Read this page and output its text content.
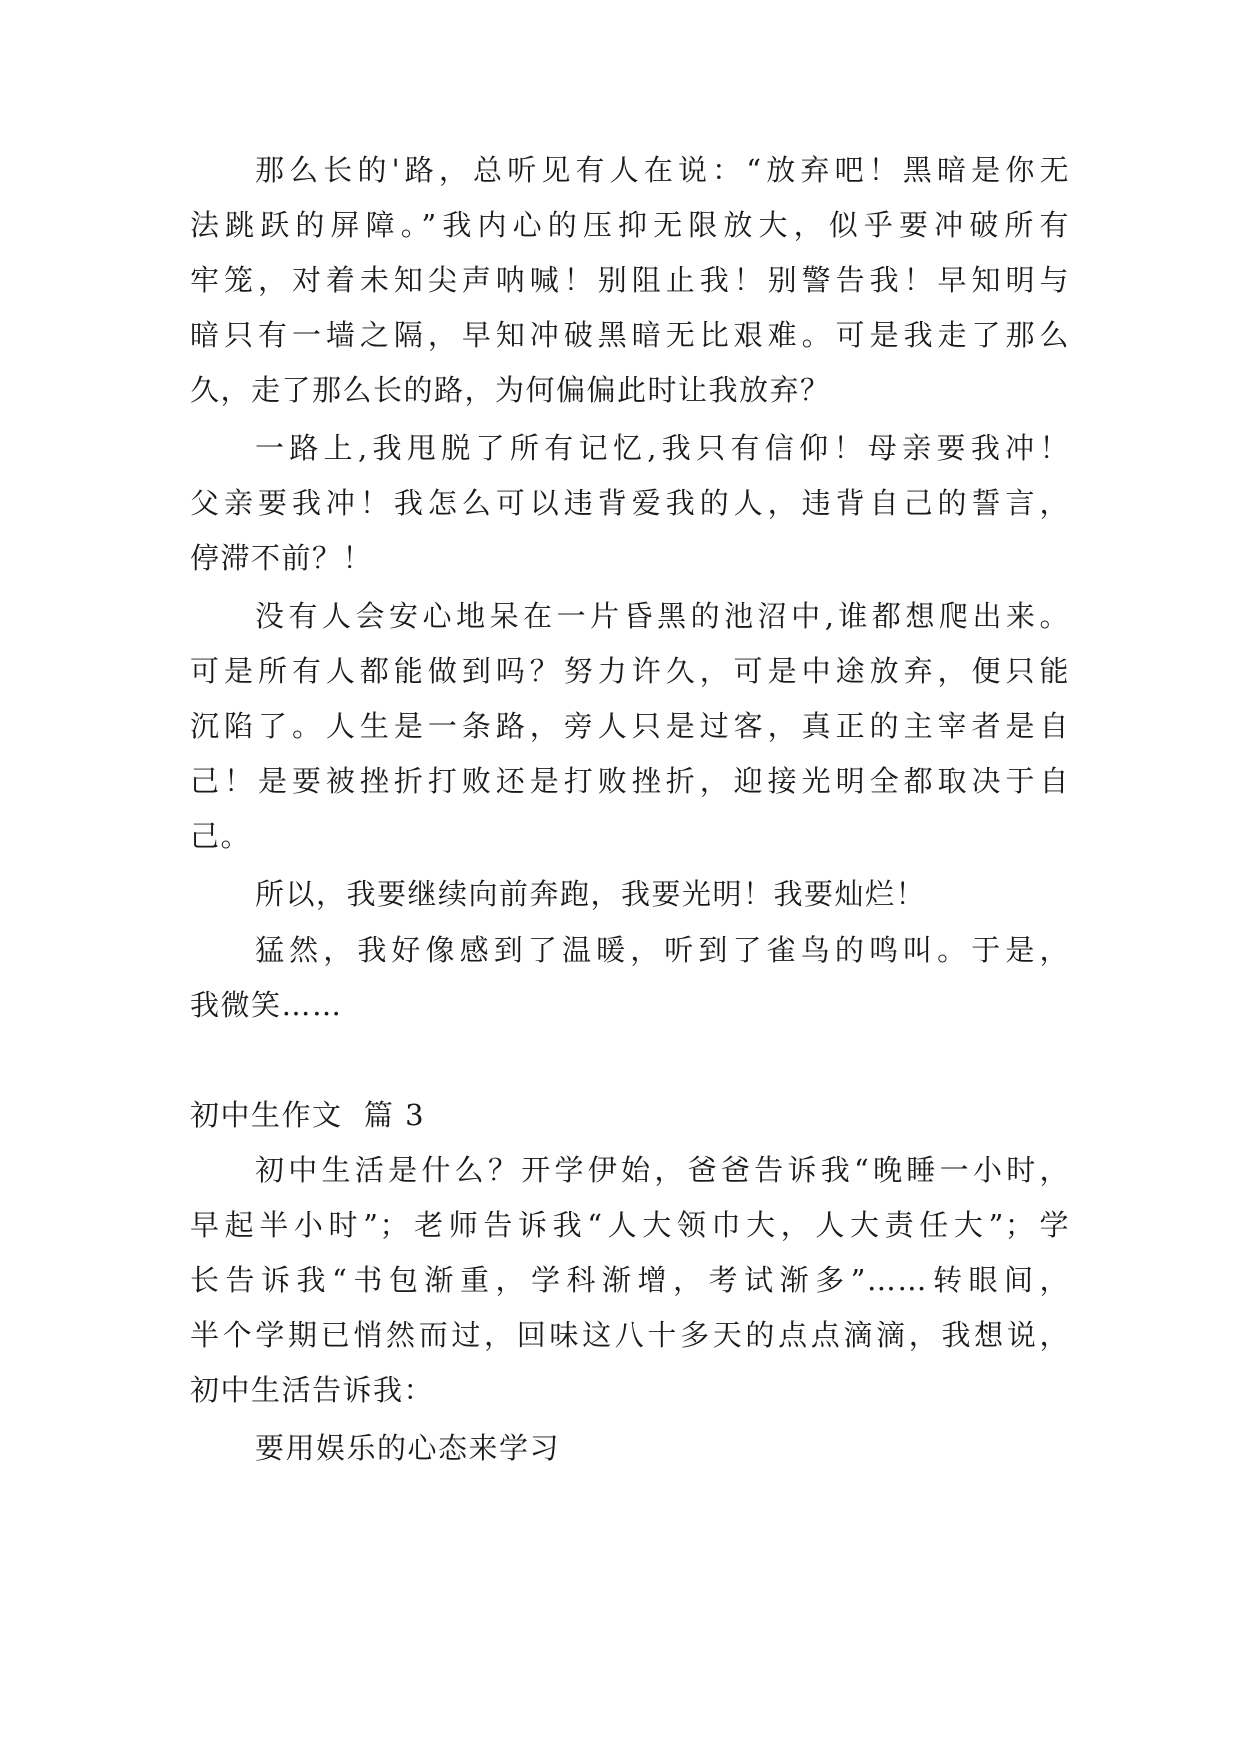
那么长的'路，总听见有人在说：“放弃吧！黑暗是你无
法跳跃的屏障。”我内心的压抑无限放大，似乎要冲破所有
牢笼，对着未知尖声呐喊！别阻止我！别警告我！早知明与
暗只有一墙之隔，早知冲破黑暗无比艰难。可是我走了那么
久，走了那么长的路，为何偏偏此时让我放弃？
一路上,我甩脱了所有记忆,我只有信仰！母亲要我冲！
父亲要我冲！我怎么可以违背爱我的人，违背自己的誓言，
停滞不前？！
没有人会安心地呆在一片昏黑的池沼中,谁都想爬出来。
可是所有人都能做到吗？努力许久，可是中途放弃，便只能
沉陷了。人生是一条路，旁人只是过客，真正的主宰者是自
己！是要被挫折打败还是打败挫折，迎接光明全都取决于自
己。
所以，我要继续向前奔跑，我要光明！我要灿烂！
猛然，我好像感到了温暖，听到了雀鸟的鸣叫。于是，
我微笑……
初中生作文  篇 3
初中生活是什么？开学伊始，爸爸告诉我“晚睡一小时，
早起半小时”；老师告诉我“人大领巾大，人大责任大”；学
长告诉我“书包渐重，学科渐增，考试渐多”……转眼间，
半个学期已悄然而过，回味这八十多天的点点滴滴，我想说，
初中生活告诉我：
要用娱乐的心态来学习
